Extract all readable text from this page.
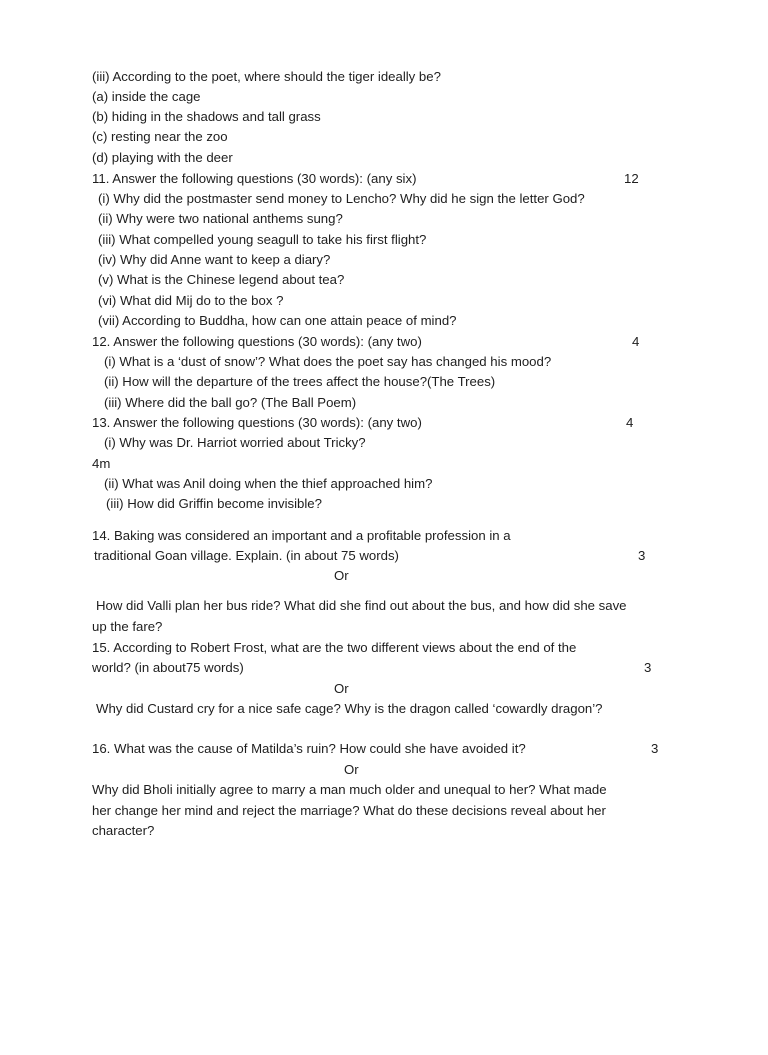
(iii) According to the poet, where should the tiger ideally be?
(a) inside the cage
(b) hiding in the shadows and tall grass
(c) resting near the zoo
(d) playing with the deer
11. Answer the following questions (30 words): (any six)	12
(i) Why did the postmaster send money to Lencho? Why did he sign the letter God?
(ii) Why were two national anthems sung?
(iii) What compelled young seagull to take his first flight?
(iv) Why did Anne want to keep a diary?
(v) What is the Chinese legend about tea?
(vi) What did Mij do to the box ?
(vii) According to Buddha, how can one attain peace of mind?
12. Answer the following questions (30 words): (any two)	4
(i) What is a ‘dust of snow’? What does the poet say has changed his mood?
(ii) How will the departure of the trees affect the house?(The Trees)
(iii) Where did the ball go? (The Ball Poem)
13. Answer the following questions (30 words): (any two)	4
(i) Why was Dr. Harriot worried about Tricky?
4m
(ii) What was Anil doing when the thief approached him?
(iii) How did Griffin become invisible?
14. Baking was considered an important and a profitable profession in a
traditional Goan village. Explain. (in about 75 words)	3
Or
How did Valli plan her bus ride? What did she find out about the bus, and how did she save
up the fare?
15. According to Robert Frost, what are the two different views about the end of the
world? (in about75 words)	3
Or
Why did Custard cry for a nice safe cage? Why is the dragon called ‘cowardly dragon’?
16. What was the cause of Matilda’s ruin? How could she have avoided it?	3
Or
Why did Bholi initially agree to marry a man much older and unequal to her? What made
her change her mind and reject the marriage? What do these decisions reveal about her
character?
